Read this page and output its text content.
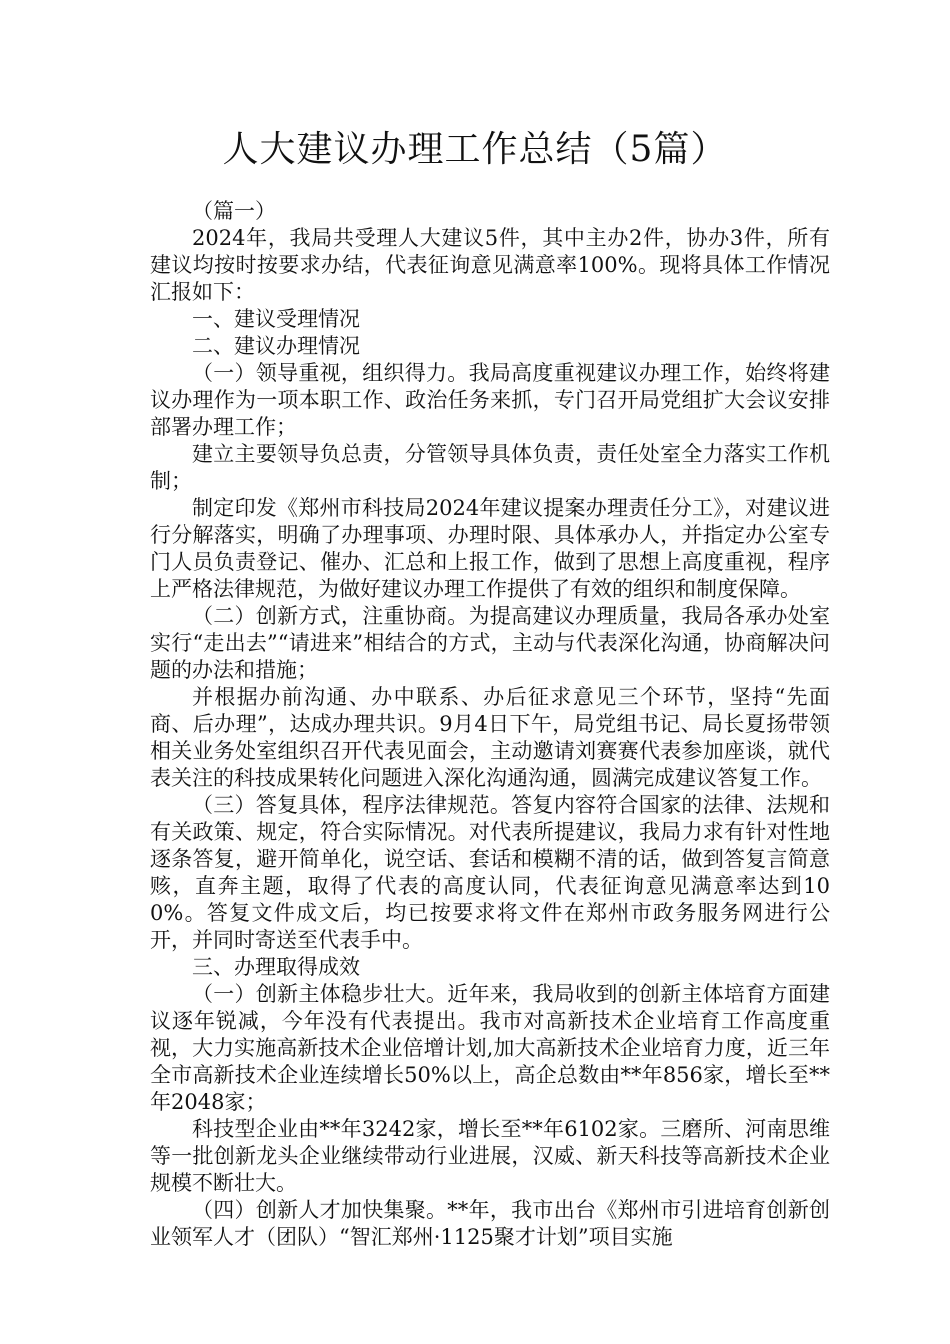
人大建议办理工作总结（5篇）

（篇一）

2024年，我局共受理人大建议5件，其中主办2件，协办3件，所有建议均按时按要求办结，代表征询意见满意率100%。现将具体工作情况汇报如下：

一、建议受理情况

二、建议办理情况

（一）领导重视，组织得力。我局高度重视建议办理工作，始终将建议办理作为一项本职工作、政治任务来抓，专门召开局党组扩大会议安排部署办理工作；

建立主要领导负总责，分管领导具体负责，责任处室全力落实工作机制；

制定印发《郑州市科技局2024年建议提案办理责任分工》，对建议进行分解落实，明确了办理事项、办理时限、具体承办人，并指定办公室专门人员负责登记、催办、汇总和上报工作，做到了思想上高度重视，程序上严格法律规范，为做好建议办理工作提供了有效的组织和制度保障。

（二）创新方式，注重协商。为提高建议办理质量，我局各承办处室实行“走出去”“请进来”相结合的方式，主动与代表深化沟通，协商解决问题的办法和措施；

并根据办前沟通、办中联系、办后征求意见三个环节，坚持“先面商、后办理”，达成办理共识。9月4日下午，局党组书记、局长夏扬带领相关业务处室组织召开代表见面会，主动邀请刘赛赛代表参加座谈，就代表关注的科技成果转化问题进入深化沟通沟通，圆满完成建议答复工作。

（三）答复具体，程序法律规范。答复内容符合国家的法律、法规和有关政策、规定，符合实际情况。对代表所提建议，我局力求有针对性地逐条答复，避开简单化，说空话、套话和模糊不清的话，做到答复言简意赅，直奔主题，取得了代表的高度认同，代表征询意见满意率达到100%。答复文件成文后，均已按要求将文件在郑州市政务服务网进行公开，并同时寄送至代表手中。

三、办理取得成效

（一）创新主体稳步壮大。近年来，我局收到的创新主体培育方面建议逐年锐减，今年没有代表提出。我市对高新技术企业培育工作高度重视，大力实施高新技术企业倍增计划,加大高新技术企业培育力度，近三年全市高新技术企业连续增长50%以上，高企总数由**年856家，增长至**年2048家；

科技型企业由**年3242家，增长至**年6102家。三磨所、河南思维等一批创新龙头企业继续带动行业进展，汉威、新天科技等高新技术企业规模不断壮大。

（四）创新人才加快集聚。**年，我市出台《郑州市引进培育创新创业领军人才（团队）“智汇郑州·1125聚才计划”项目实施
